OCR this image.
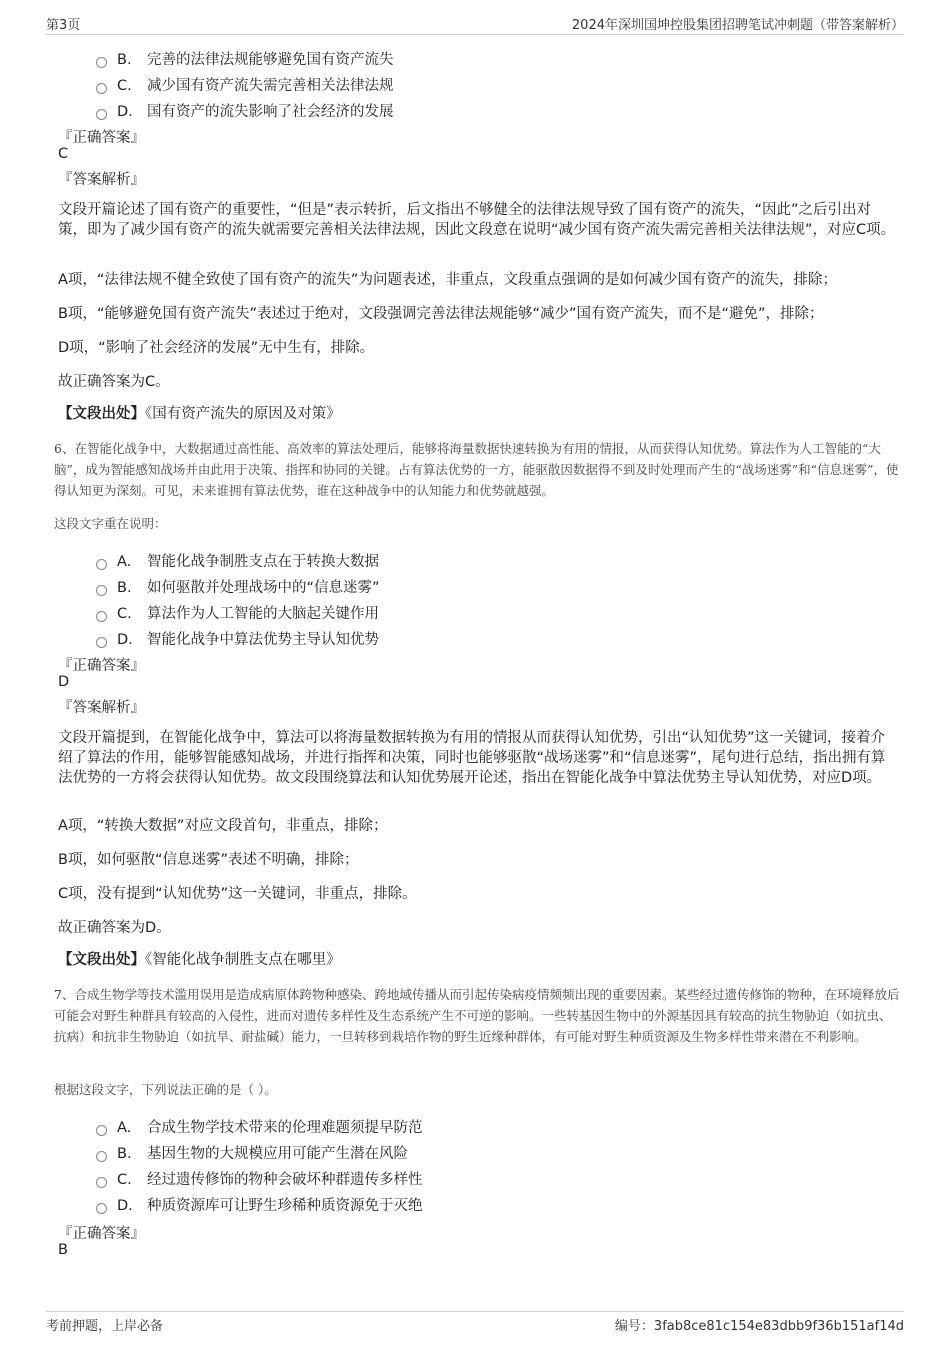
第3页	2024年深圳国坤控股集团招聘笔试冲刺题（带答案解析）
B. 完善的法律法规能够避免国有资产流失
C. 减少国有资产流失需完善相关法律法规
D. 国有资产的流失影响了社会经济的发展
『正确答案』
C
『答案解析』
文段开篇论述了国有资产的重要性，“但是”表示转折，后文指出不够健全的法律法规导致了国有资产的流失，“因此”之后引出对策，即为了减少国有资产的流失就需要完善相关法律法规，因此文段意在说明“减少国有资产流失需完善相关法律法规”，对应C项。
A项，“法律法规不健全致使了国有资产的流失”为问题表述，非重点，文段重点强调的是如何减少国有资产的流失，排除；
B项，“能够避免国有资产流失”表述过于绝对，文段强调完善法律法规能够“减少”国有资产流失，而不是“避免”，排除；
D项，“影响了社会经济的发展”无中生有，排除。
故正确答案为C。
【文段出处】《国有资产流失的原因及对策》
6、在智能化战争中，大数据通过高性能、高效率的算法处理后，能够将海量数据快速转换为有用的情报，从而获得认知优势。算法作为人工智能的“大脑”，成为智能感知战场并由此用于决策、指挥和协同的关键。占有算法优势的一方，能驱散因数据得不到及时处理而产生的“战场迷雾”和“信息迷雾”，使得认知更为深刻。可见，未来谁拥有算法优势，谁在这种战争中的认知能力和优势就越强。
这段文字重在说明：
A. 智能化战争制胜支点在于转换大数据
B. 如何驱散并处理战场中的“信息迷雾”
C. 算法作为人工智能的大脑起关键作用
D. 智能化战争中算法优势主导认知优势
『正确答案』
D
『答案解析』
文段开篇提到，在智能化战争中，算法可以将海量数据转换为有用的情报从而获得认知优势，引出“认知优势”这一关键词，接着介绍了算法的作用，能够智能感知战场，并进行指挥和决策，同时也能够驱散“战场迷雾”和“信息迷雾”，尾句进行总结，指出拥有算法优势的一方将会获得认知优势。故文段围绕算法和认知优势展开论述，指出在智能化战争中算法优势主导认知优势，对应D项。
A项，“转换大数据”对应文段首句，非重点，排除；
B项，如何驱散“信息迷雾”表述不明确，排除；
C项，没有提到“认知优势”这一关键词，非重点，排除。
故正确答案为D。
【文段出处】《智能化战争制胜支点在哪里》
7、合成生物学等技术滥用误用是造成病原体跨物种感染、跨地域传播从而引起传染病疫情频频出现的重要因素。某些经过遗传修饰的物种，在环境释放后可能会对野生种群具有较高的入侵性，进而对遗传多样性及生态系统产生不可逆的影响。一些转基因生物中的外源基因具有较高的抗生物胁迫（如抗虫、抗病）和抗非生物胁迫（如抗旱、耐盐碱）能力，一旦转移到栽培作物的野生近缘种群体，有可能对野生种质资源及生物多样性带来潜在不利影响。
根据这段文字，下列说法正确的是（ ）。
A. 合成生物学技术带来的伦理难题须提早防范
B. 基因生物的大规模应用可能产生潜在风险
C. 经过遗传修饰的物种会破坏种群遗传多样性
D. 种质资源库可让野生珍稀种质资源免于灭绝
『正确答案』
B
考前押题，上岸必备	编号：3fab8ce81c154e83dbb9f36b151af14d
